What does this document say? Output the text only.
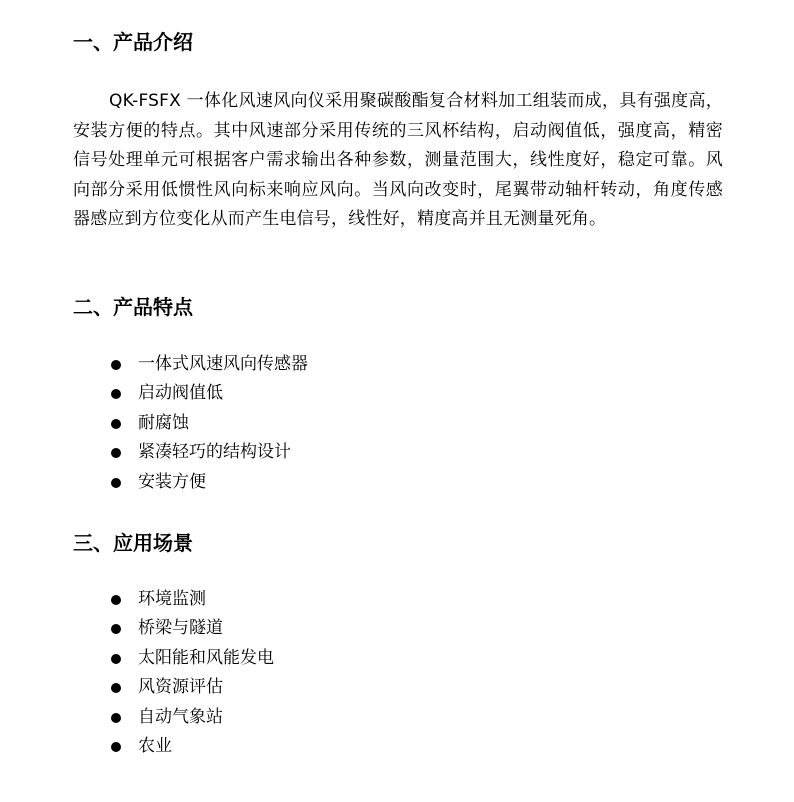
一、产品介绍

QK-FSFX 一体化风速风向仪采用聚碳酸酯复合材料加工组装而成，具有强度高，安装方便的特点。其中风速部分采用传统的三风杯结构，启动阀值低，强度高，精密信号处理单元可根据客户需求输出各种参数，测量范围大，线性度好，稳定可靠。风向部分采用低惯性风向标来响应风向。当风向改变时，尾翼带动轴杆转动，角度传感器感应到方位变化从而产生电信号，线性好，精度高并且无测量死角。

二、产品特点
一体式风速风向传感器
启动阀值低
耐腐蚀
紧凑轻巧的结构设计
安装方便
三、应用场景
环境监测
桥梁与隧道
太阳能和风能发电
风资源评估
自动气象站
农业
